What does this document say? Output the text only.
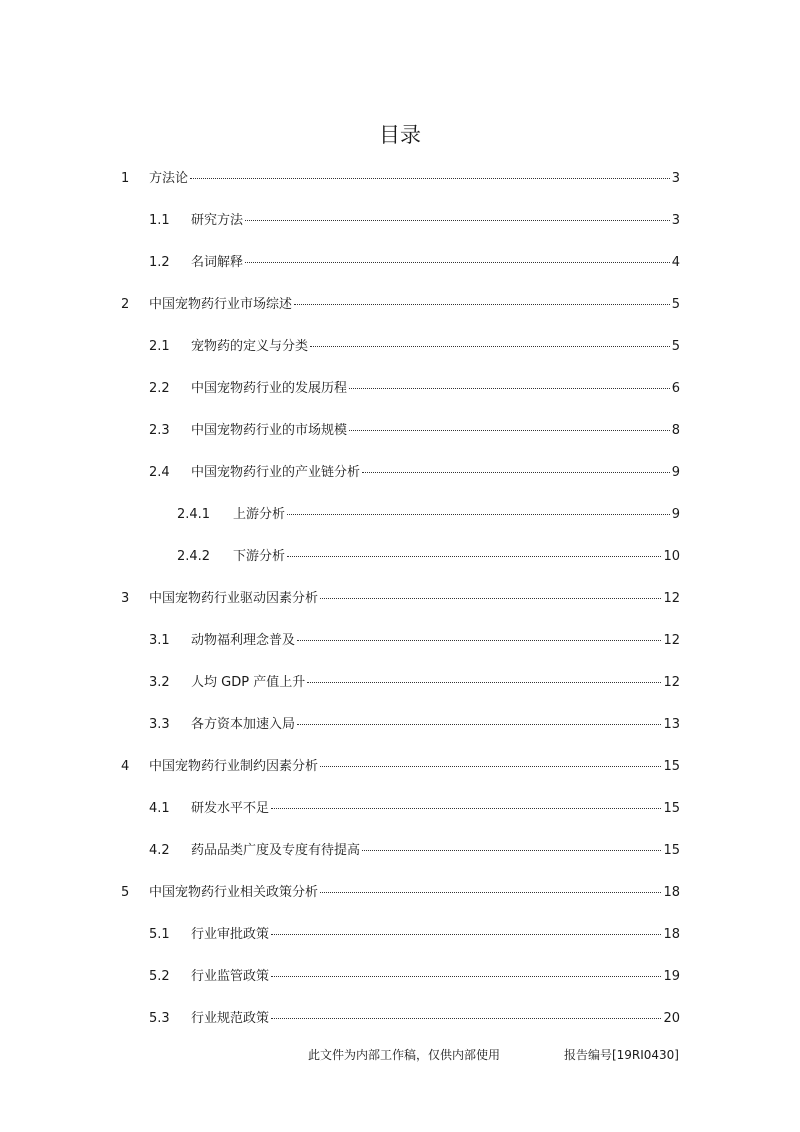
目录
1	方法论	3
1.1	研究方法	3
1.2	名词解释	4
2	中国宠物药行业市场综述	5
2.1	宠物药的定义与分类	5
2.2	中国宠物药行业的发展历程	6
2.3	中国宠物药行业的市场规模	8
2.4	中国宠物药行业的产业链分析	9
2.4.1	上游分析	9
2.4.2	下游分析	10
3	中国宠物药行业驱动因素分析	12
3.1	动物福利理念普及	12
3.2	人均 GDP 产值上升	12
3.3	各方资本加速入局	13
4	中国宠物药行业制约因素分析	15
4.1	研发水平不足	15
4.2	药品品类广度及专度有待提高	15
5	中国宠物药行业相关政策分析	18
5.1	行业审批政策	18
5.2	行业监管政策	19
5.3	行业规范政策	20
此文件为内部工作稿，仅供内部使用	报告编号[19RI0430]
